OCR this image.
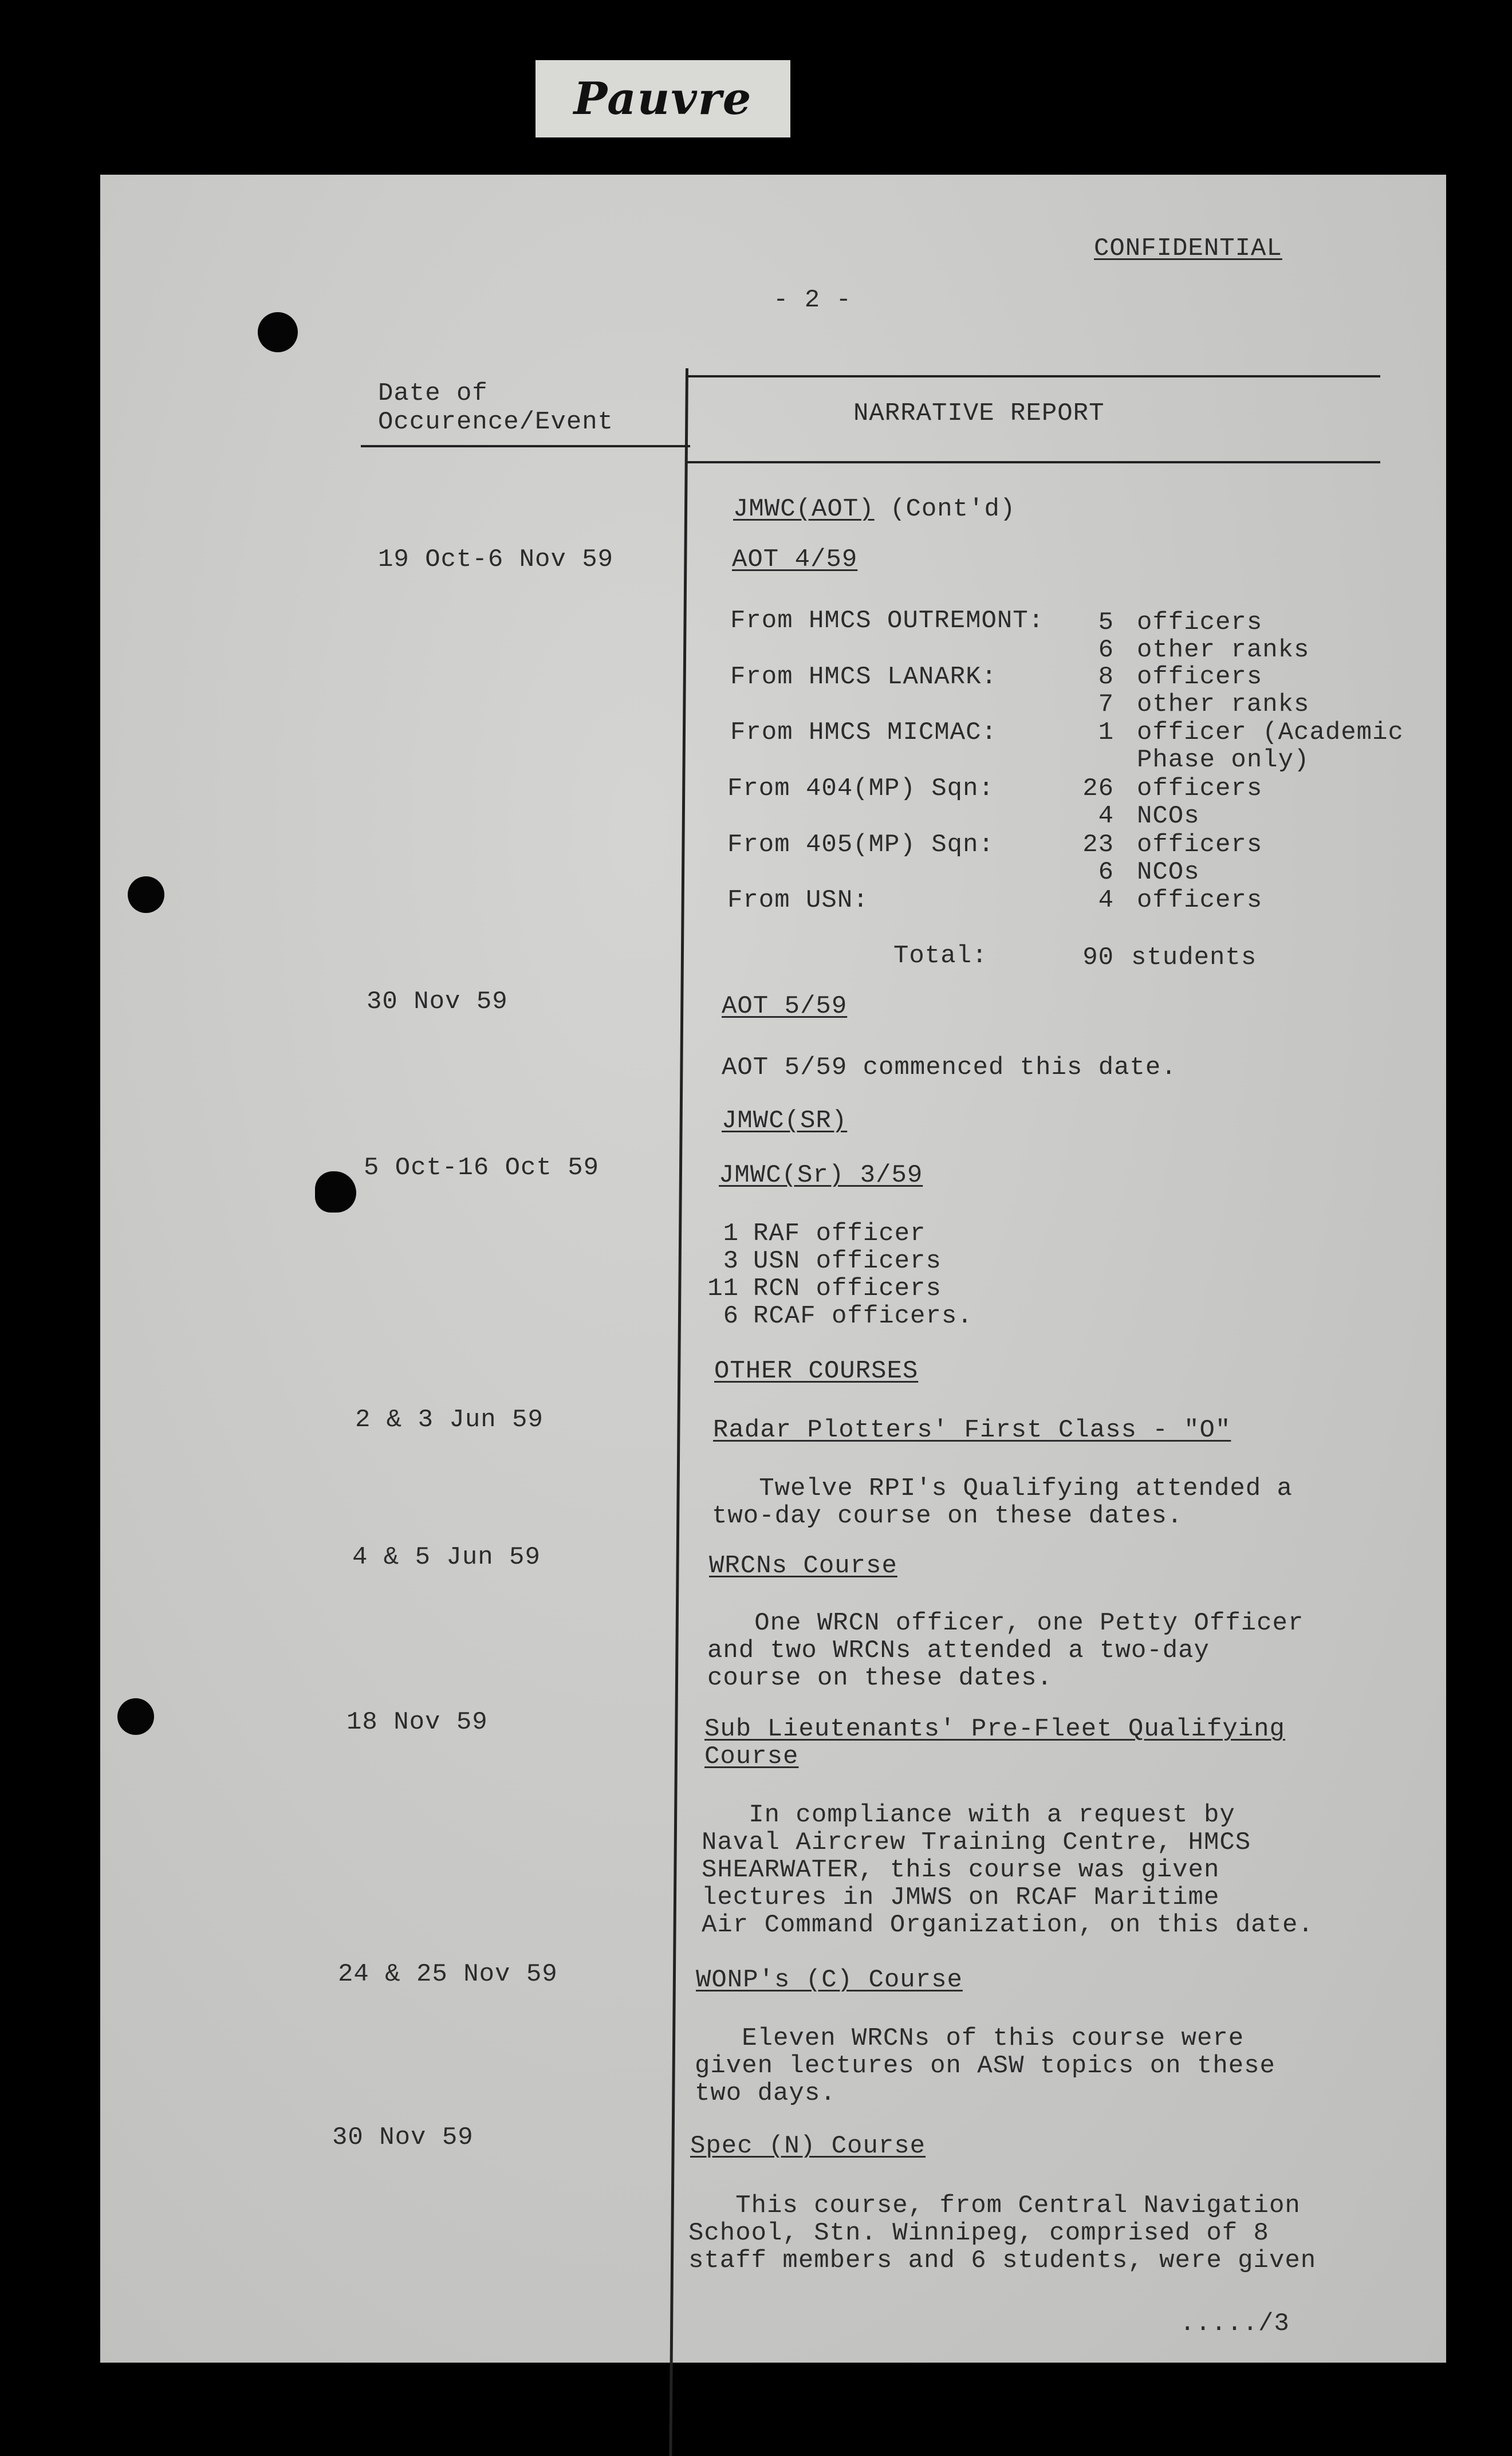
Pauvre
CONFIDENTIAL
- 2 -
Date of
Occurence/Event	NARRATIVE REPORT
JMWC(AOT) (Cont'd)
19 Oct-6 Nov 59	AOT 4/59
From HMCS OUTREMONT:	5 officers
6 other ranks
From HMCS LANARK:	8 officers
7 other ranks
From HMCS MICMAC:	1 officer (Academic
Phase only)
From 404(MP) Sqn:	26 officers
4 NCOs
From 405(MP) Sqn:	23 officers
6 NCOs
From USN:	4 officers
Total:	90 students
30 Nov 59	AOT 5/59
AOT 5/59 commenced this date.
JMWC(SR)
5 Oct-16 Oct 59	JMWC(Sr) 3/59
1 RAF officer
3 USN officers
11 RCN officers
6 RCAF officers.
OTHER COURSES
2 & 3 Jun 59	Radar Plotters' First Class - "O"
Twelve RPI's Qualifying attended a
two-day course on these dates.
4 & 5 Jun 59	WRCNs Course
One WRCN officer, one Petty Officer
and two WRCNs attended a two-day
course on these dates.
18 Nov 59	Sub Lieutenants' Pre-Fleet Qualifying
Course
In compliance with a request by
Naval Aircrew Training Centre, HMCS
SHEARWATER, this course was given
lectures in JMWS on RCAF Maritime
Air Command Organization, on this date.
24 & 25 Nov 59	WONP's (C) Course
Eleven WRCNs of this course were
given lectures on ASW topics on these
two days.
30 Nov 59	Spec (N) Course
This course, from Central Navigation
School, Stn. Winnipeg, comprised of 8
staff members and 6 students, were given
...../3
